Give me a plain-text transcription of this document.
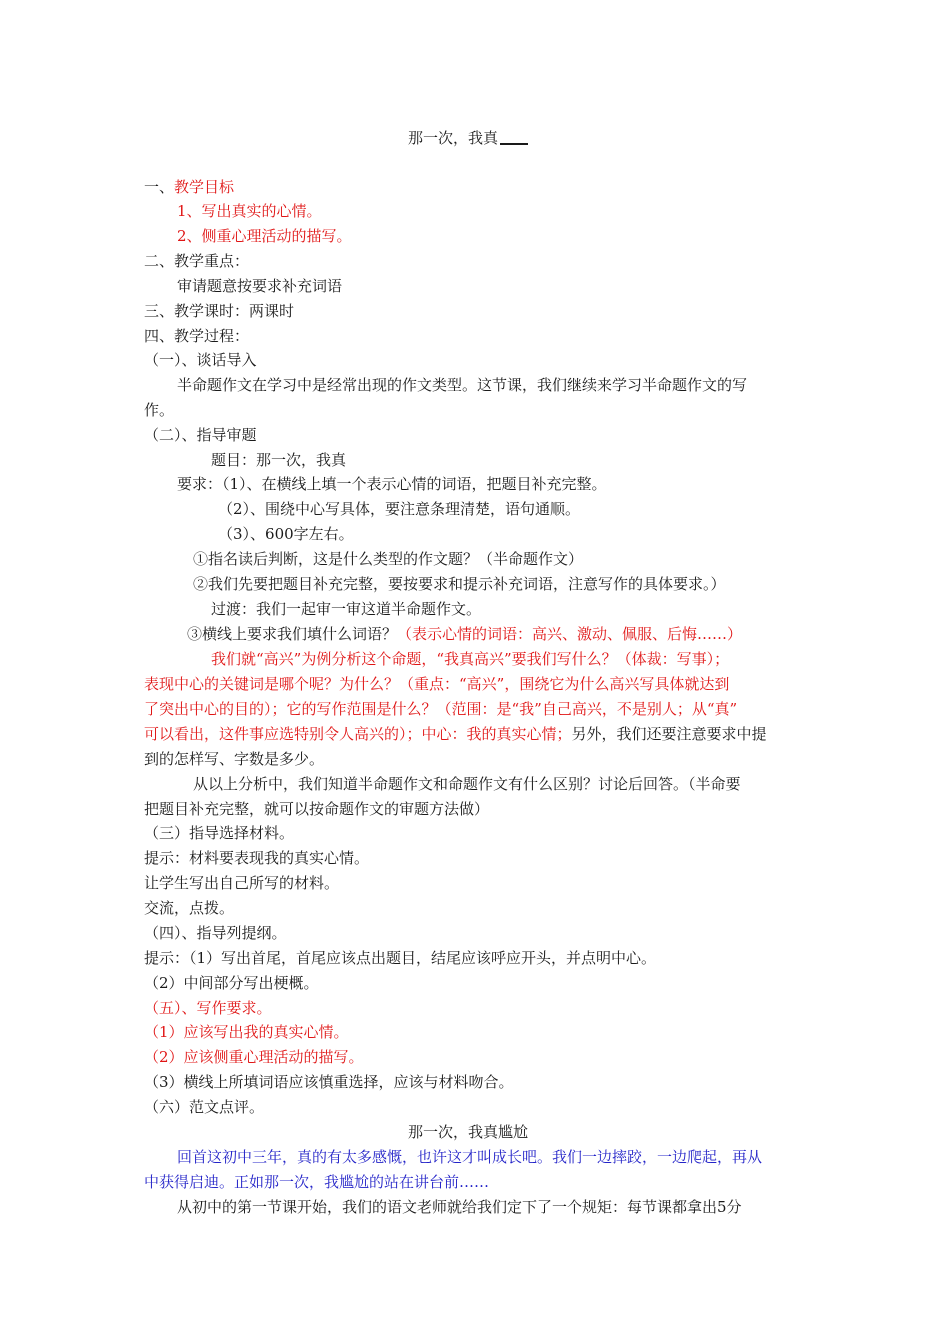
那一次，我真
一、教学目标
1、写出真实的心情。
2、侧重心理活动的描写。
二、教学重点：
审请题意按要求补充词语
三、教学课时：两课时
四、教学过程：
（一）、谈话导入
半命题作文在学习中是经常出现的作文类型。这节课，我们继续来学习半命题作文的写
作。
（二）、指导审题
题目：那一次，我真
要求：（1）、在横线上填一个表示心情的词语，把题目补充完整。
（2）、围绕中心写具体，要注意条理清楚，语句通顺。
（3）、600字左右。
①指名读后判断，这是什么类型的作文题？（半命题作文）
②我们先要把题目补充完整，要按要求和提示补充词语，注意写作的具体要求。）
过渡：我们一起审一审这道半命题作文。
③横线上要求我们填什么词语？（表示心情的词语：高兴、激动、佩服、后悔……）
我们就“高兴”为例分析这个命题，“我真高兴”要我们写什么？（体裁：写事）；
表现中心的关键词是哪个呢？为什么？（重点：“高兴”，围绕它为什么高兴写具体就达到
了突出中心的目的）；它的写作范围是什么？（范围：是“我”自己高兴，不是别人；从“真”
可以看出，这件事应选特别令人高兴的）；中心：我的真实心情；另外，我们还要注意要求中提
到的怎样写、字数是多少。
从以上分析中，我们知道半命题作文和命题作文有什么区别？讨论后回答。（半命要
把题目补充完整，就可以按命题作文的审题方法做）
（三）指导选择材料。
提示：材料要表现我的真实心情。
让学生写出自己所写的材料。
交流，点拨。
（四）、指导列提纲。
提示：（1）写出首尾，首尾应该点出题目，结尾应该呼应开头，并点明中心。
（2）中间部分写出梗概。
（五）、写作要求。
（1）应该写出我的真实心情。
（2）应该侧重心理活动的描写。
（3）横线上所填词语应该慎重选择，应该与材料吻合。
（六）范文点评。
那一次，我真尴尬
回首这初中三年，真的有太多感慨，也许这才叫成长吧。我们一边摔跤，一边爬起，再从
中获得启迪。正如那一次，我尴尬的站在讲台前……
从初中的第一节课开始，我们的语文老师就给我们定下了一个规矩：每节课都拿出5分
